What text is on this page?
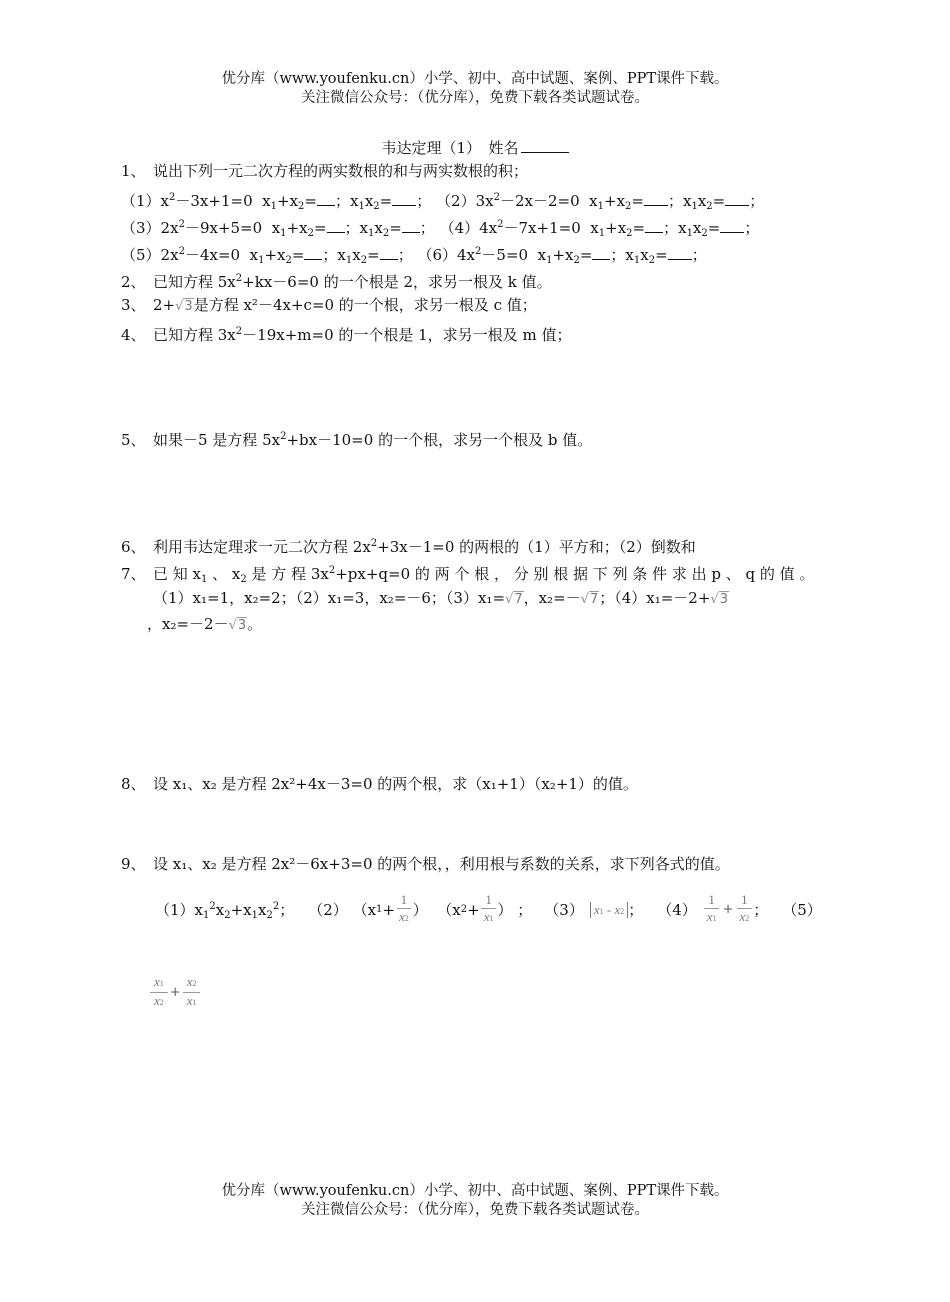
优分库（www.youfenku.cn）小学、初中、高中试题、案例、PPT课件下载。
关注微信公众号：（优分库），免费下载各类试题试卷。
韦达定理（1）　姓名
1、 说出下列一元二次方程的两实数根的和与两实数根的积；
$(1)x^2-3x+1=0$  $x_1+x_2=$ ；$x_1x_2=$ ； $(2)3x^2-2x-2=0$  $x_1+x_2=$ ；$x_1x_2=$ ；
$(3)2x^2-9x+5=0$  $x_1+x_2=$ ；$x_1x_2=$ ； $(4)4x^2-7x+1=0$  $x_1+x_2=$ ；$x_1x_2=$ ；
$(5)2x^2-4x=0$  $x_1+x_2=$ ；$x_1x_2=$ ； $(6)4x^2-5=0$  $x_1+x_2=$ ；$x_1x_2=$ ；
2、 已知方程 $5x^2+kx-6=0$ 的一个根是 2，求另一根及 k 值。
3、 2+√3是方程 x²－4x+c=0 的一个根，求另一根及 c 值；
4、 已知方程 $3x^2-19x+m=0$ 的一个根是 1，求另一根及 m 值；
5、 如果－5 是方程 $5x^2+bx-10=0$ 的一个根，求另一个根及 b 值。
6、 利用韦达定理求一元二次方程 $2x^2+3x-1=0$ 的两根的（1）平方和；（2）倒数和
7、 已 知 $x_1$ 、 $x_2$ 是 方 程 $3x^2+px+q=0$ 的 两 个 根 ， 分 别 根 据 下 列 条 件 求 出 p 、 q 的 值 。
（1）x₁=1，x₂=2；（2）x₁=3，x₂=－6；（3）x₁=√7，x₂=－√7；（4）x₁=－2+√3
，x₂=－2－√3。
8、 设 x₁、x₂ 是方程 2x²+4x－3=0 的两个根，求（x₁+1）（x₂+1）的值。
9、 设 x₁、x₂ 是方程 2x²－6x+3=0 的两个根，，利用根与系数的关系，求下列各式的值。
（1） $x_1^2x_2+x_1x_2^2$； （2） （x 1 +
1
x2 ）  （x 2 +
1
x1 ） ； （3） x1 - x2 ； （4）
1
x1
+ $\frac{1}{x2}$ ； （5）
x1
x2
+ $\frac{x2}{x1}$
优分库（www.youfenku.cn）小学、初中、高中试题、案例、PPT课件下载。
关注微信公众号：（优分库），免费下载各类试题试卷。
